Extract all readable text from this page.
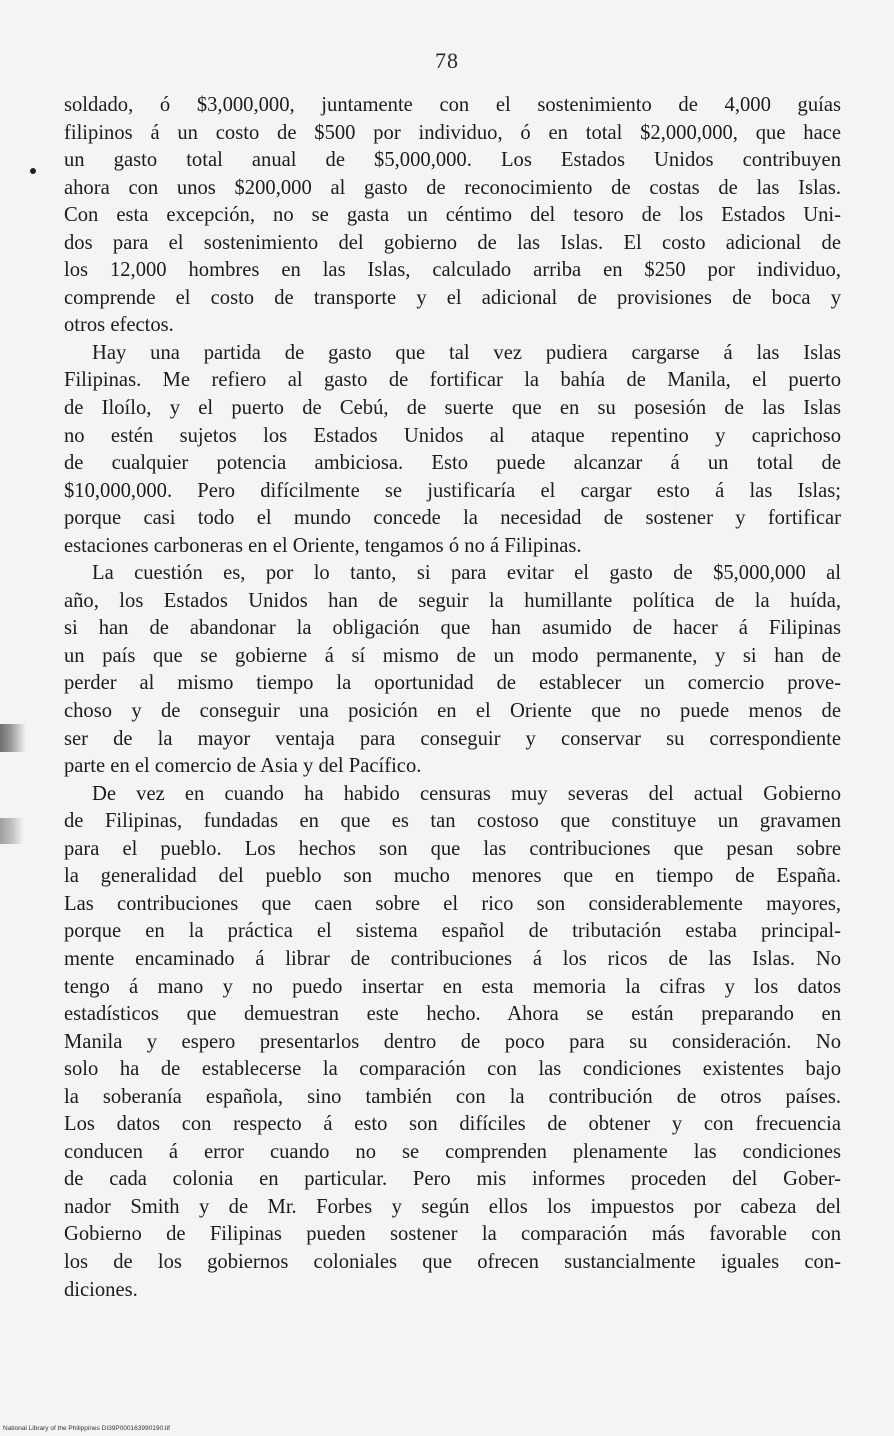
78
soldado, ó $3,000,000, juntamente con el sostenimiento de 4,000 guías
filipinos á un costo de $500 por individuo, ó en total $2,000,000, que hace
un gasto total anual de $5,000,000. Los Estados Unidos contribuyen
ahora con unos $200,000 al gasto de reconocimiento de costas de las Islas.
Con esta excepción, no se gasta un céntimo del tesoro de los Estados Uni-
dos para el sostenimiento del gobierno de las Islas. El costo adicional de
los 12,000 hombres en las Islas, calculado arriba en $250 por individuo,
comprende el costo de transporte y el adicional de provisiones de boca y
otros efectos.
Hay una partida de gasto que tal vez pudiera cargarse á las Islas
Filipinas. Me refiero al gasto de fortificar la bahía de Manila, el puerto
de Iloílo, y el puerto de Cebú, de suerte que en su posesión de las Islas
no estén sujetos los Estados Unidos al ataque repentino y caprichoso
de cualquier potencia ambiciosa. Esto puede alcanzar á un total de
$10,000,000. Pero difícilmente se justificaría el cargar esto á las Islas;
porque casi todo el mundo concede la necesidad de sostener y fortificar
estaciones carboneras en el Oriente, tengamos ó no á Filipinas.
La cuestión es, por lo tanto, si para evitar el gasto de $5,000,000 al
año, los Estados Unidos han de seguir la humillante política de la huída,
si han de abandonar la obligación que han asumido de hacer á Filipinas
un país que se gobierne á sí mismo de un modo permanente, y si han de
perder al mismo tiempo la oportunidad de establecer un comercio prove-
choso y de conseguir una posición en el Oriente que no puede menos de
ser de la mayor ventaja para conseguir y conservar su correspondiente
parte en el comercio de Asia y del Pacífico.
De vez en cuando ha habido censuras muy severas del actual Gobierno
de Filipinas, fundadas en que es tan costoso que constituye un gravamen
para el pueblo. Los hechos son que las contribuciones que pesan sobre
la generalidad del pueblo son mucho menores que en tiempo de España.
Las contribuciones que caen sobre el rico son considerablemente mayores,
porque en la práctica el sistema español de tributación estaba principal-
mente encaminado á librar de contribuciones á los ricos de las Islas. No
tengo á mano y no puedo insertar en esta memoria la cifras y los datos
estadísticos que demuestran este hecho. Ahora se están preparando en
Manila y espero presentarlos dentro de poco para su consideración. No
solo ha de establecerse la comparación con las condiciones existentes bajo
la soberanía española, sino también con la contribución de otros países.
Los datos con respecto á esto son difíciles de obtener y con frecuencia
conducen á error cuando no se comprenden plenamente las condiciones
de cada colonia en particular. Pero mis informes proceden del Gober-
nador Smith y de Mr. Forbes y según ellos los impuestos por cabeza del
Gobierno de Filipinas pueden sostener la comparación más favorable con
los de los gobiernos coloniales que ofrecen sustancialmente iguales con-
diciones.
National Library of the Philippines DI39P000163990190.tif
